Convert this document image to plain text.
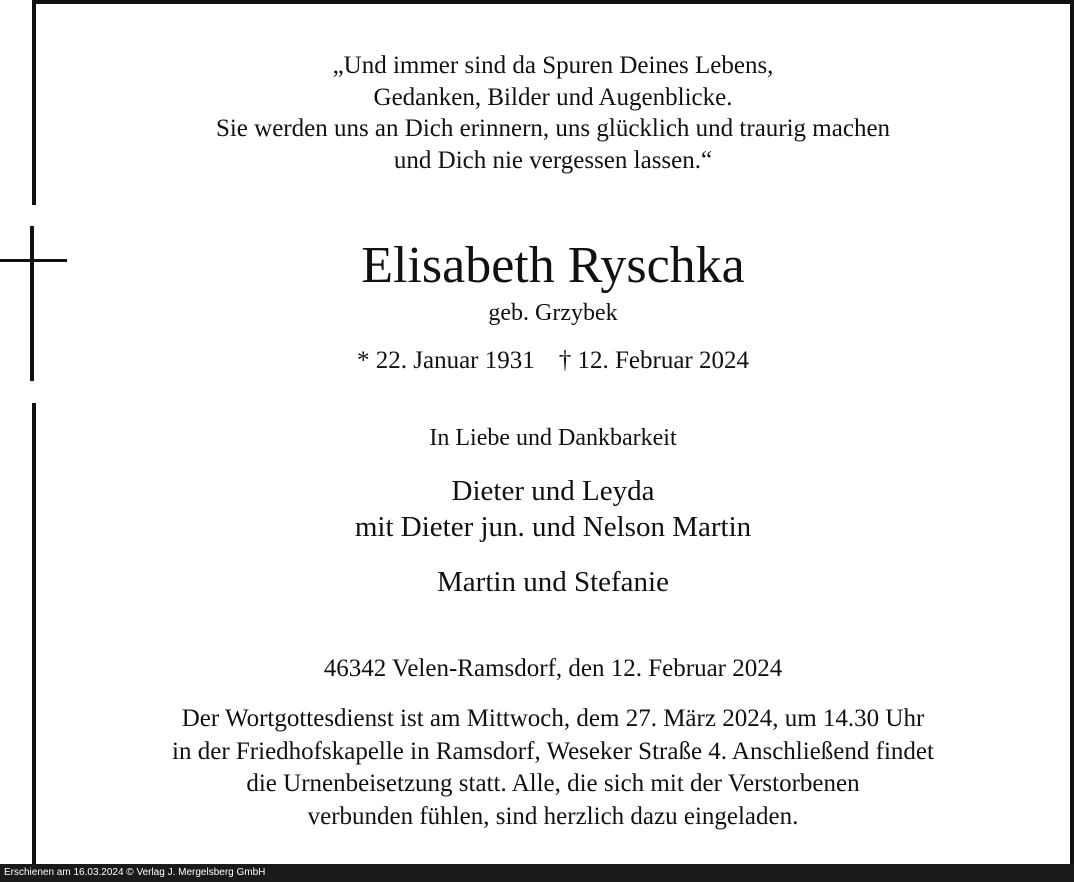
„Und immer sind da Spuren Deines Lebens,
Gedanken, Bilder und Augenblicke.
Sie werden uns an Dich erinnern, uns glücklich und traurig machen
und Dich nie vergessen lassen.“
Elisabeth Ryschka
geb. Grzybek
* 22. Januar 1931 † 12. Februar 2024
In Liebe und Dankbarkeit
Dieter und Leyda
mit Dieter jun. und Nelson Martin
Martin und Stefanie
46342 Velen-Ramsdorf, den 12. Februar 2024
Der Wortgottesdienst ist am Mittwoch, dem 27. März 2024, um 14.30 Uhr
in der Friedhofskapelle in Ramsdorf, Weseker Straße 4. Anschließend findet
die Urnenbeisetzung statt. Alle, die sich mit der Verstorbenen
verbunden fühlen, sind herzlich dazu eingeladen.
Erschienen am 16.03.2024 © Verlag J. Mergelsberg GmbH
